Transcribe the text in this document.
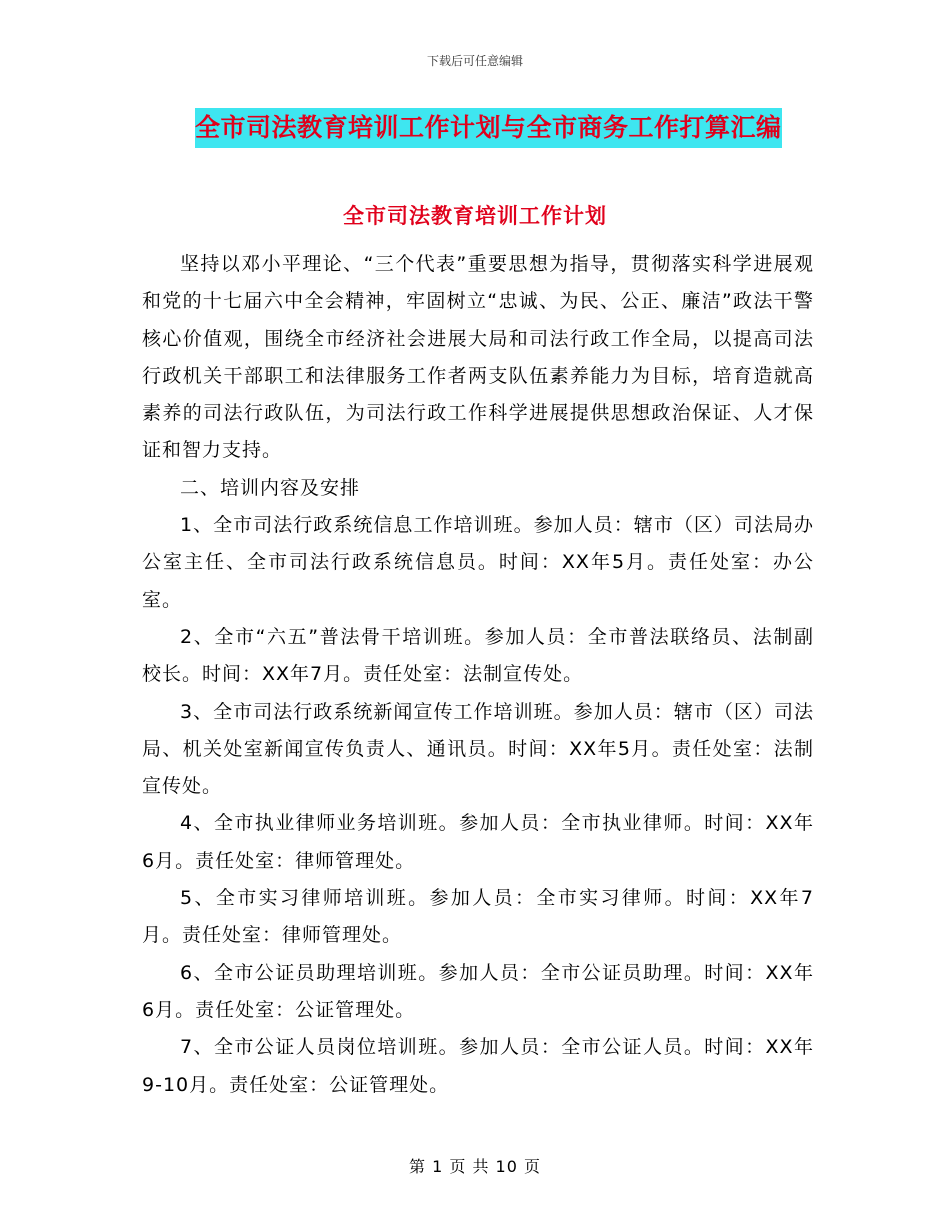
下载后可任意编辑
全市司法教育培训工作计划与全市商务工作打算汇编
全市司法教育培训工作计划

坚持以邓小平理论、“三个代表”重要思想为指导，贯彻落实科学进展观和党的十七届六中全会精神，牢固树立“忠诚、为民、公正、廉洁”政法干警核心价值观，围绕全市经济社会进展大局和司法行政工作全局，以提高司法行政机关干部职工和法律服务工作者两支队伍素养能力为目标，培育造就高素养的司法行政队伍，为司法行政工作科学进展提供思想政治保证、人才保证和智力支持。

二、培训内容及安排

1、全市司法行政系统信息工作培训班。参加人员：辖市（区）司法局办公室主任、全市司法行政系统信息员。时间：XX年5月。责任处室：办公室。

2、全市“六五”普法骨干培训班。参加人员：全市普法联络员、法制副校长。时间：XX年7月。责任处室：法制宣传处。

3、全市司法行政系统新闻宣传工作培训班。参加人员：辖市（区）司法局、机关处室新闻宣传负责人、通讯员。时间：XX年5月。责任处室：法制宣传处。

4、全市执业律师业务培训班。参加人员：全市执业律师。时间：XX年6月。责任处室：律师管理处。

5、全市实习律师培训班。参加人员：全市实习律师。时间：XX年7月。责任处室：律师管理处。

6、全市公证员助理培训班。参加人员：全市公证员助理。时间：XX年6月。责任处室：公证管理处。

7、全市公证人员岗位培训班。参加人员：全市公证人员。时间：XX年9-10月。责任处室：公证管理处。

第 1 页 共 10 页
